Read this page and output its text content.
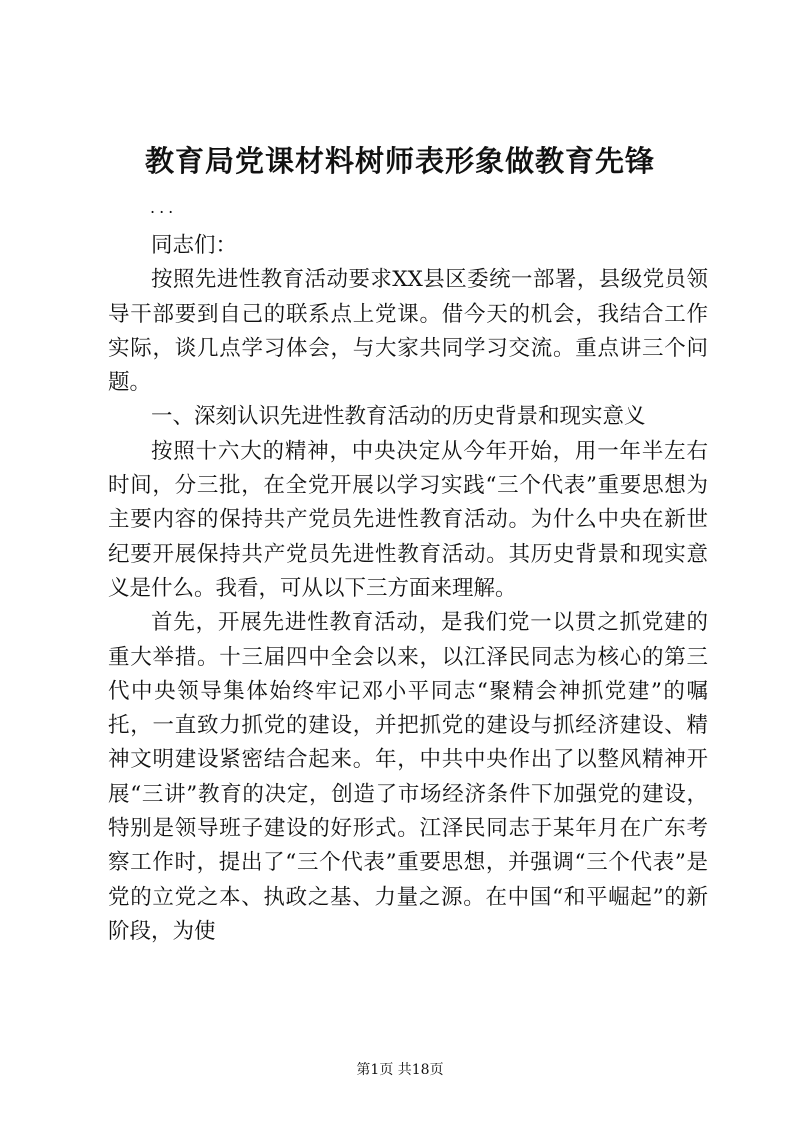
教育局党课材料树师表形象做教育先锋
...

同志们：

按照先进性教育活动要求XX县区委统一部署，县级党员领导干部要到自己的联系点上党课。借今天的机会，我结合工作实际，谈几点学习体会，与大家共同学习交流。重点讲三个问题。

一、深刻认识先进性教育活动的历史背景和现实意义

按照十六大的精神，中央决定从今年开始，用一年半左右时间，分三批，在全党开展以学习实践“三个代表”重要思想为主要内容的保持共产党员先进性教育活动。为什么中央在新世纪要开展保持共产党员先进性教育活动。其历史背景和现实意义是什么。我看，可从以下三方面来理解。

首先，开展先进性教育活动，是我们党一以贯之抓党建的重大举措。十三届四中全会以来，以江泽民同志为核心的第三代中央领导集体始终牢记邓小平同志“聚精会神抓党建”的嘱托，一直致力抓党的建设，并把抓党的建设与抓经济建设、精神文明建设紧密结合起来。年，中共中央作出了以整风精神开展“三讲”教育的决定，创造了市场经济条件下加强党的建设，特别是领导班子建设的好形式。江泽民同志于某年月在广东考察工作时，提出了“三个代表”重要思想，并强调“三个代表”是党的立党之本、执政之基、力量之源。在中国“和平崛起”的新阶段，为使

第1页 共18页
